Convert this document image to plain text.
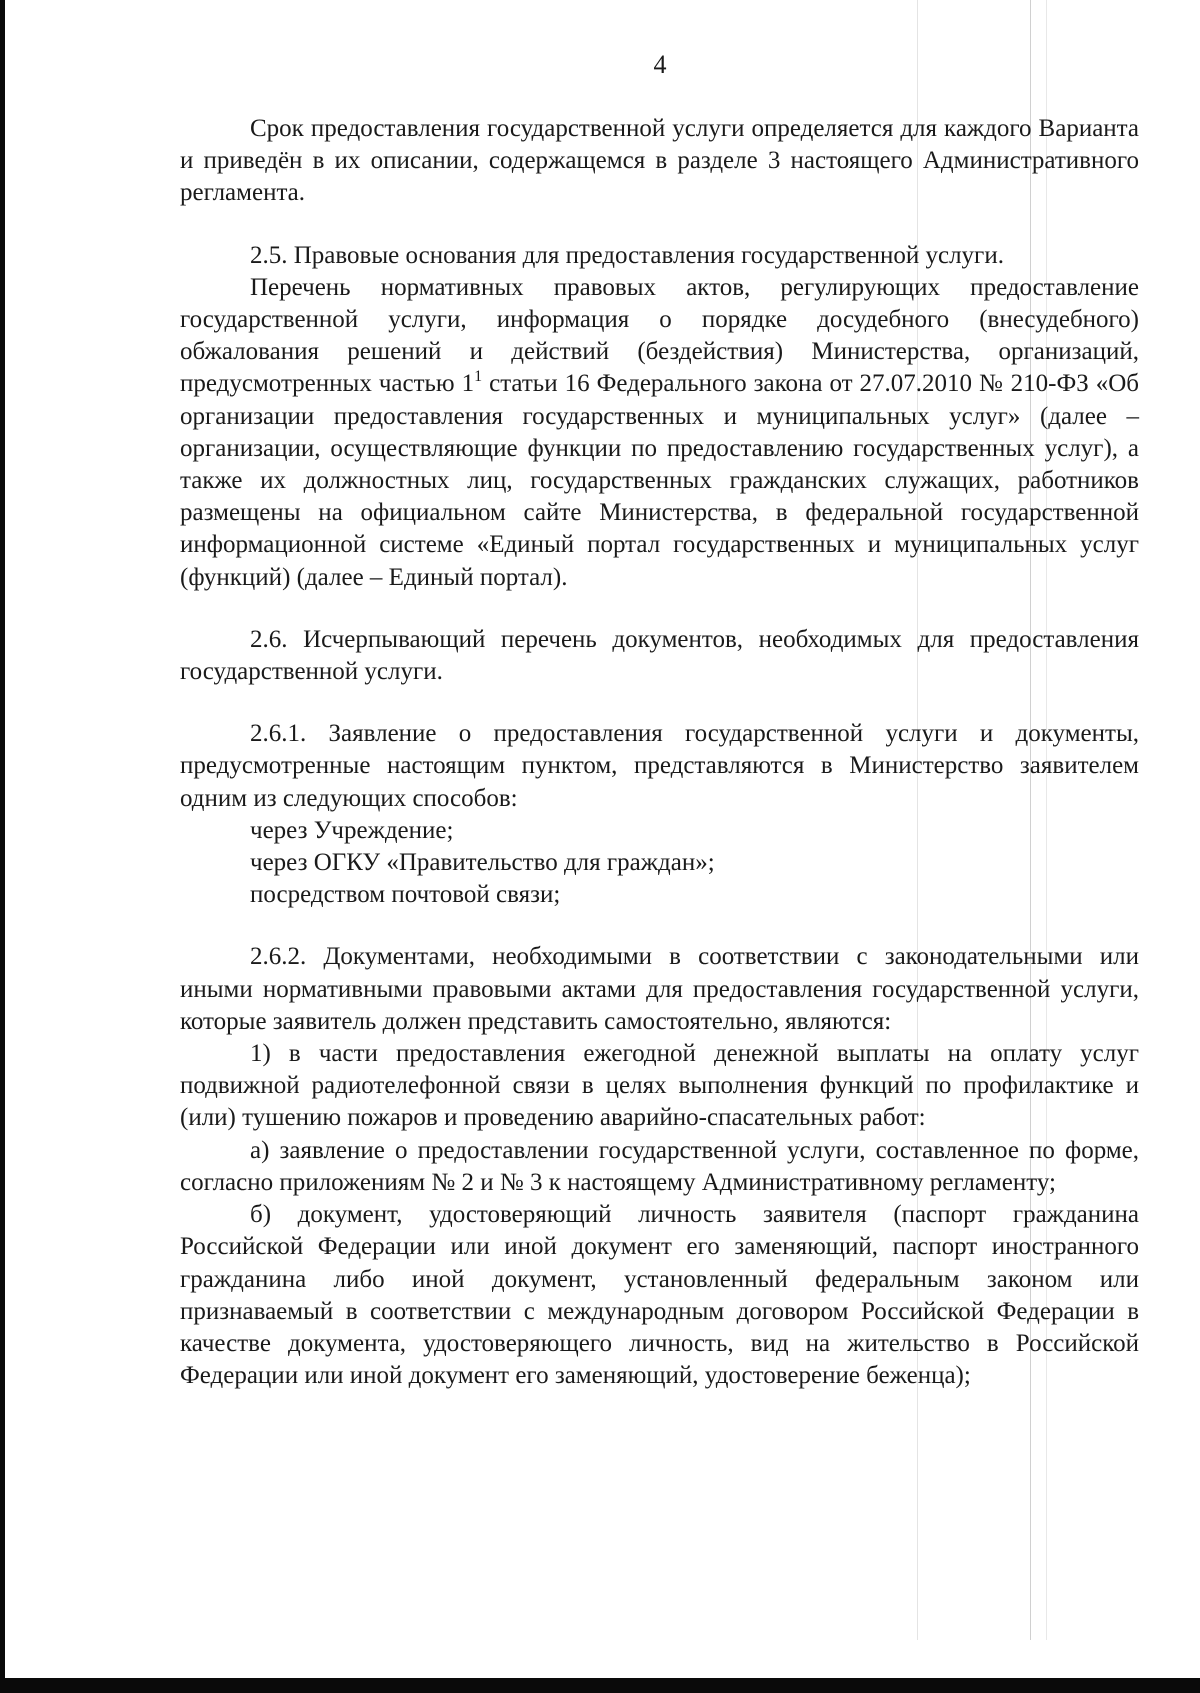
4

Срок предоставления государственной услуги определяется для каждого Варианта и приведён в их описании, содержащемся в разделе 3 настоящего Административного регламента.

2.5. Правовые основания для предоставления государственной услуги.

Перечень нормативных правовых актов, регулирующих предоставление государственной услуги, информация о порядке досудебного (внесудебного) обжалования решений и действий (бездействия) Министерства, организаций, предусмотренных частью $1^1$ статьи 16 Федерального закона от 27.07.2010 № 210-ФЗ «Об организации предоставления государственных и муниципальных услуг» (далее – организации, осуществляющие функции по предоставлению государственных услуг), а также их должностных лиц, государственных гражданских служащих, работников размещены на официальном сайте Министерства, в федеральной государственной информационной системе «Единый портал государственных и муниципальных услуг (функций) (далее – Единый портал).

2.6. Исчерпывающий перечень документов, необходимых для предоставления государственной услуги.

2.6.1. Заявление о предоставления государственной услуги и документы, предусмотренные настоящим пунктом, представляются в Министерство заявителем одним из следующих способов:

через Учреждение;

через ОГКУ «Правительство для граждан»;

посредством почтовой связи;

2.6.2. Документами, необходимыми в соответствии с законодательными или иными нормативными правовыми актами для предоставления государственной услуги, которые заявитель должен представить самостоятельно, являются:

1) в части предоставления ежегодной денежной выплаты на оплату услуг подвижной радиотелефонной связи в целях выполнения функций по профилактике и (или) тушению пожаров и проведению аварийно-спасательных работ:

а) заявление о предоставлении государственной услуги, составленное по форме, согласно приложениям № 2 и № 3 к настоящему Административному регламенту;

б) документ, удостоверяющий личность заявителя (паспорт гражданина Российской Федерации или иной документ его заменяющий, паспорт иностранного гражданина либо иной документ, установленный федеральным законом или признаваемый в соответствии с международным договором Российской Федерации в качестве документа, удостоверяющего личность, вид на жительство в Российской Федерации или иной документ его заменяющий, удостоверение беженца);
